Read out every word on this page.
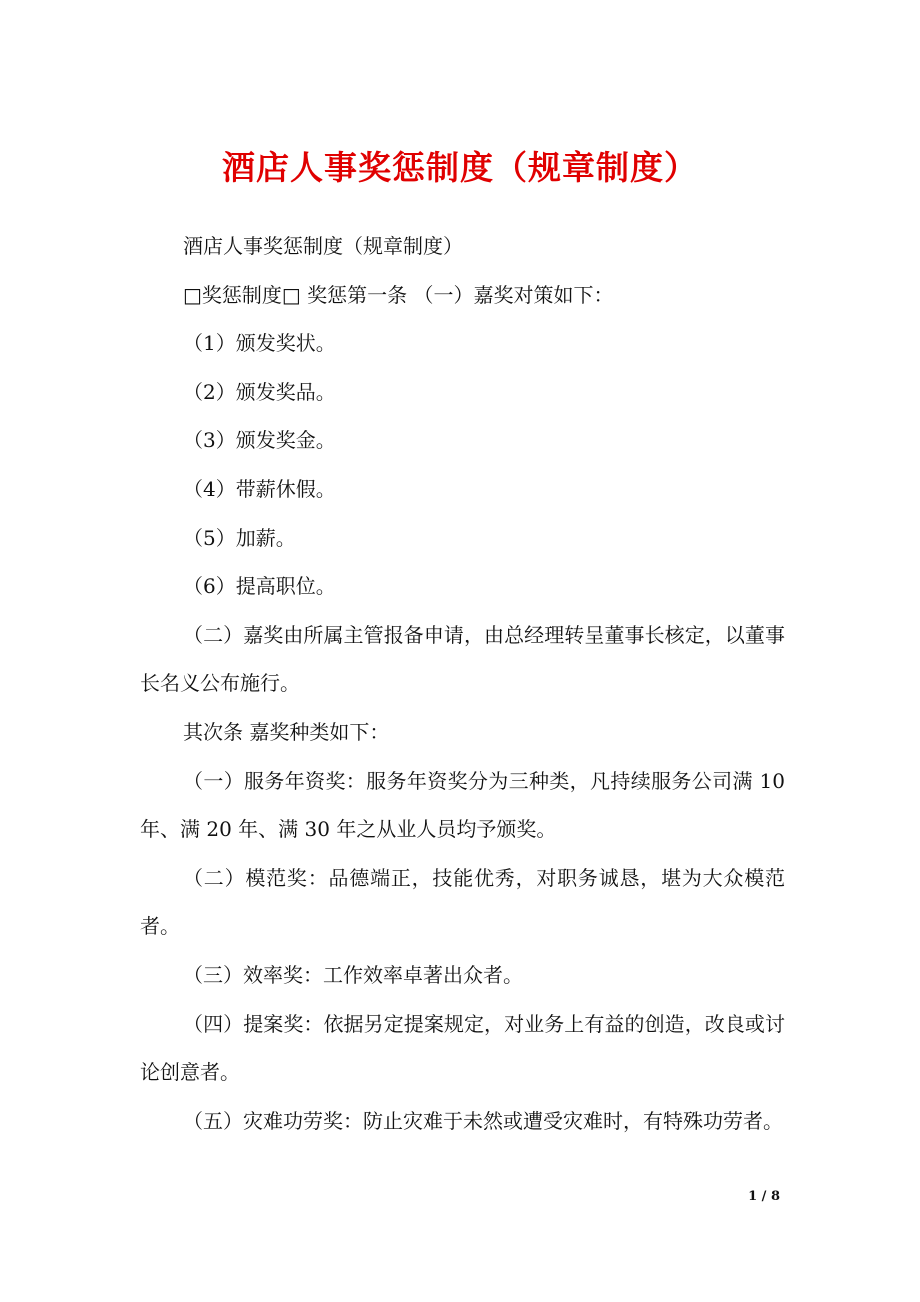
酒店人事奖惩制度（规章制度）

酒店人事奖惩制度（规章制度）

□奖惩制度□ 奖惩第一条 （一）嘉奖对策如下：

（1）颁发奖状。

（2）颁发奖品。

（3）颁发奖金。

（4）带薪休假。

（5）加薪。

（6）提高职位。

（二）嘉奖由所属主管报备申请，由总经理转呈董事长核定，以董事长名义公布施行。

其次条 嘉奖种类如下：

（一）服务年资奖：服务年资奖分为三种类，凡持续服务公司满 10 年、满 20 年、满 30 年之从业人员均予颁奖。

（二）模范奖：品德端正，技能优秀，对职务诚恳，堪为大众模范者。

（三）效率奖：工作效率卓著出众者。

（四）提案奖：依据另定提案规定，对业务上有益的创造，改良或讨论创意者。

（五）灾难功劳奖：防止灾难于未然或遭受灾难时，有特殊功劳者。

1 / 8
